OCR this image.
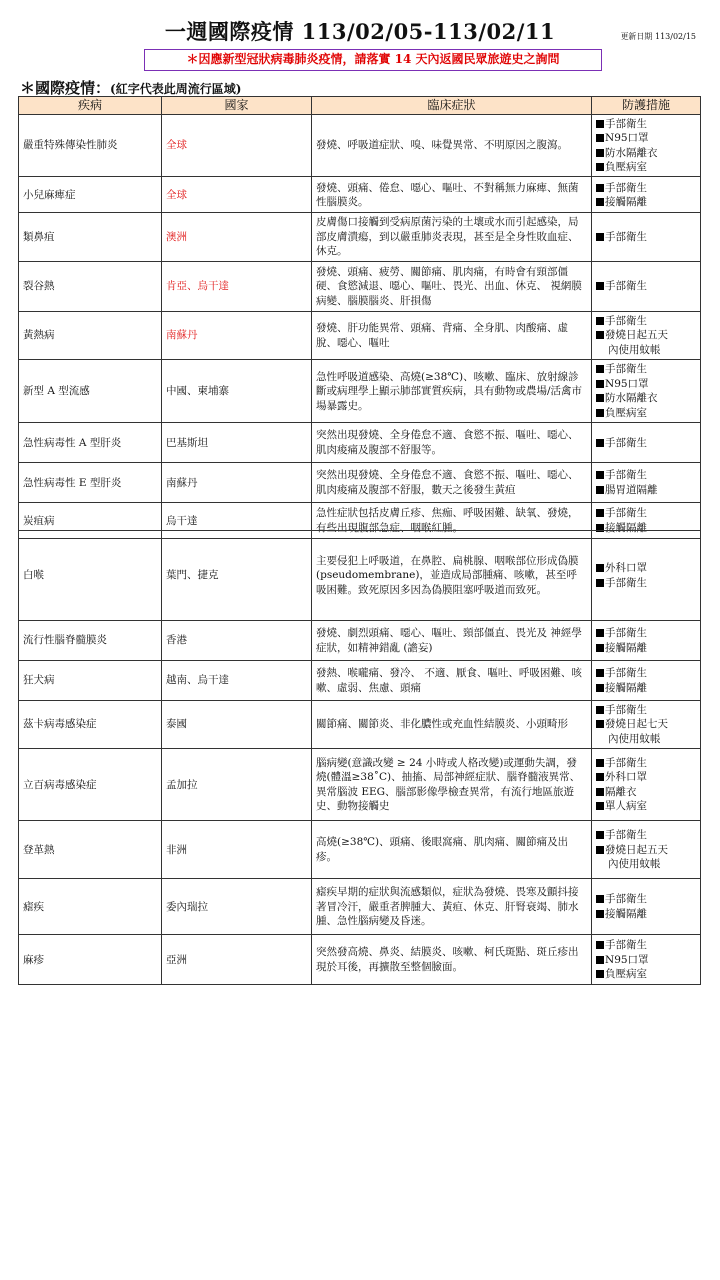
一週國際疫情 113/02/05-113/02/11	更新日期 113/02/15
＊因應新型冠狀病毒肺炎疫情，請落實 14 天內返國民眾旅遊史之詢問
＊國際疫情：(紅字代表此周流行區域)
疾病	國家	臨床症狀	防護措施
嚴重特殊傳染性肺炎	全球	發燒、呼吸道症狀、嗅、味覺異常、不明原因之腹瀉。	手部衛生
N95口罩
防水隔離衣
負壓病室

小兒麻痺症	全球	發燒、頭痛、倦怠、噁心、嘔吐、不對稱無力麻痺、無菌性腦膜炎。	手部衛生
接觸隔離

類鼻疽	澳洲	皮膚傷口接觸到受病原菌污染的土壤或水而引起感染，局部皮膚潰瘍，到以嚴重肺炎表現，甚至是全身性敗血症、休克。	手部衛生

裂谷熱	肯亞、烏干達	發燒、頭痛、疲勞、關節痛、肌肉痛，有時會有頸部僵 硬、食慾減退、噁心、嘔吐、畏光、出血、休克、 視網膜病變、腦膜腦炎、肝損傷	手部衛生

黃熱病	南蘇丹	發燒、肝功能異常、頭痛、背痛、全身肌、肉酸痛、虛脫、噁心、嘔吐	手部衛生
發燒日起五天
內使用蚊帳

新型 A 型流感	中國、柬埔寨	急性呼吸道感染、高燒(≥38℃)、咳嗽、臨床、放射線診斷或病理學上顯示肺部實質疾病，具有動物或農場/活禽市場暴露史。	手部衛生
N95口罩
防水隔離衣
負壓病室

急性病毒性 A 型肝炎	巴基斯坦	突然出現發燒、全身倦怠不適、食慾不振、嘔吐、噁心、肌肉痠痛及腹部不舒服等。	手部衛生

急性病毒性 E 型肝炎	南蘇丹	突然出現發燒、全身倦怠不適、食慾不振、嘔吐、噁心、肌肉痠痛及腹部不舒服，數天之後發生黃疸	手部衛生
腸胃道隔離

炭疽病	烏干達	急性症狀包括皮膚丘疹、焦痂、呼吸困難、缺氧、發燒，有些出現腹部急症、咽喉紅腫。	手部衛生
接觸隔離
白喉	葉門、捷克	主要侵犯上呼吸道，在鼻腔、扁桃腺、咽喉部位形成偽膜 (pseudomembrane)，並造成局部腫痛、咳嗽，甚至呼吸困難。致死原因多因為偽膜阻塞呼吸道而致死。	外科口罩
手部衛生

流行性腦脊髓膜炎	香港	發燒、劇烈頭痛、噁心、嘔吐、頸部僵直、畏光及 神經學症狀，如精神錯亂 (譫妄)	手部衛生
接觸隔離

狂犬病	越南、烏干達	發熱、喉嚨痛、發冷、 不適、厭食、嘔吐、呼吸困難、咳嗽、虛弱、焦慮、頭痛	手部衛生
接觸隔離

茲卡病毒感染症	泰國	關節痛、關節炎、非化膿性或充血性結膜炎、小頭畸形	手部衛生
發燒日起七天
內使用蚊帳

立百病毒感染症	孟加拉	腦病變(意識改變 ≥ 24 小時或人格改變)或運動失調，發燒(體溫≥38˚C)、抽搐、局部神經症狀、腦脊髓液異常、異常腦波 EEG、腦部影像學檢查異常，有流行地區旅遊史、動物接觸史	手部衛生
外科口罩
隔離衣
單人病室

登革熱	非洲	高燒(≥38℃)、頭痛、後眼窩痛、肌肉痛、關節痛及出疹。	手部衛生
發燒日起五天
內使用蚊帳

瘧疾	委內瑞拉	瘧疾早期的症狀與流感類似，症狀為發燒、畏寒及顫抖接著冒冷汗，嚴重者脾腫大、黃疸、休克、肝腎衰竭、肺水腫、急性腦病變及昏迷。	手部衛生
接觸隔離

麻疹	亞洲	突然發高燒、鼻炎、結膜炎、咳嗽、柯氏斑點、斑丘疹出現於耳後，再擴散至整個臉面。	手部衛生
N95口罩
負壓病室
